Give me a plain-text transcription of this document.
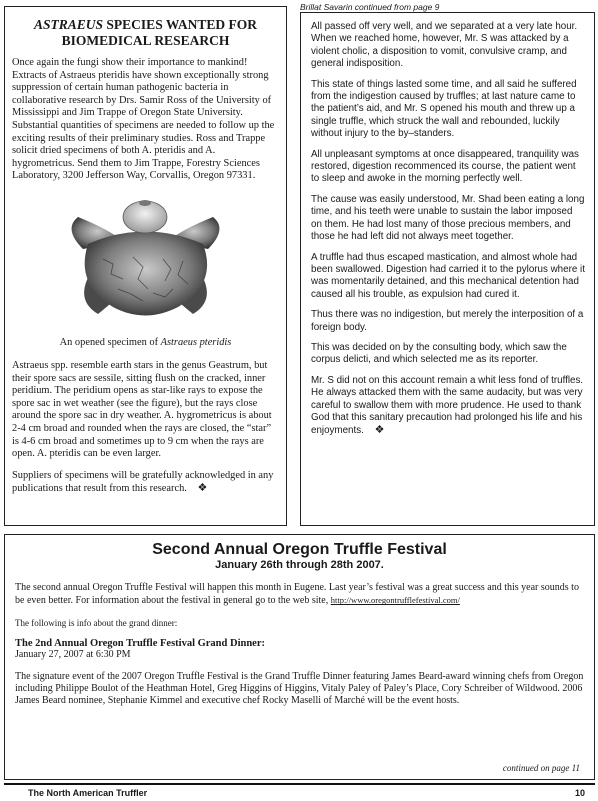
ASTRAEUS SPECIES WANTED FOR BIOMEDICAL RESEARCH
Once again the fungi show their importance to mankind! Extracts of Astraeus pteridis have shown exceptionally strong suppression of certain human pathogenic bacteria in collaborative research by Drs. Samir Ross of the University of Mississippi and Jim Trappe of Oregon State University. Substantial quantities of specimens are needed to follow up the exciting results of their preliminary studies. Ross and Trappe solicit dried specimens of both A. pteridis and A. hygrometricus. Send them to Jim Trappe, Forestry Sciences Laboratory, 3200 Jefferson Way, Corvallis, Oregon 97331.
An opened specimen of Astraeus pteridis
Astraeus spp. resemble earth stars in the genus Geastrum, but their spore sacs are sessile, sitting flush on the cracked, inner peridium. The peridium opens as star-like rays to expose the spore sac in wet weather (see the figure), but the rays close around the spore sac in dry weather. A. hygrometricus is about 2-4 cm broad and rounded when the rays are closed, the “star” is 4-6 cm broad and sometimes up to 9 cm when the rays are open. A. pteridis can be even larger.
Suppliers of specimens will be gratefully acknowledged in any publications that result from this research. ❖
Brillat Savarin continued from page 9

All passed off very well, and we separated at a very late hour. When we reached home, however, Mr. S was attacked by a violent cholic, a disposition to vomit, convulsive cramp, and general indisposition.

This state of things lasted some time, and all said he suffered from the indigestion caused by truffles; at last nature came to the patient’s aid, and Mr. S opened his mouth and threw up a single truffle, which struck the wall and rebounded, luckily without injury to the by–standers.

All unpleasant symptoms at once disappeared, tranquility was restored, digestion recommenced its course, the patient went to sleep and awoke in the morning perfectly well.

The cause was easily understood, Mr. Shad been eating a long time, and his teeth were unable to sustain the labor imposed on them. He had lost many of those precious members, and those he had left did not always meet together.

A truffle had thus escaped mastication, and almost whole had been swallowed. Digestion had carried it to the pylorus where it was momentarily detained, and this mechanical detention had caused all his trouble, as expulsion had cured it.

Thus there was no indigestion, but merely the interposition of a foreign body.

This was decided on by the consulting body, which saw the corpus delicti, and which selected me as its reporter.

Mr. S did not on this account remain a whit less fond of truffles. He always attacked them with the same audacity, but was very careful to swallow them with more prudence. He used to thank God that this sanitary precaution had prolonged his life and his enjoyments. ❖

Second Annual Oregon Truffle Festival
January 26th through 28th 2007.

The second annual Oregon Truffle Festival will happen this month in Eugene. Last year’s festival was a great success and this year sounds to be even better. For information about the festival in general go to the web site, http://www.oregontrufflefestival.com/

The following is info about the grand dinner:

The 2nd Annual Oregon Truffle Festival Grand Dinner:

January 27, 2007 at 6:30 PM

The signature event of the 2007 Oregon Truffle Festival is the Grand Truffle Dinner featuring James Beard-award winning chefs from Oregon including Philippe Boulot of the Heathman Hotel, Greg Higgins of Higgins, Vitaly Paley of Paley’s Place, Cory Schreiber of Wildwood. 2006 James Beard nominee, Stephanie Kimmel and executive chef Rocky Maselli of Marché will be the event hosts.

continued on page 11
The North American Truffler	10
